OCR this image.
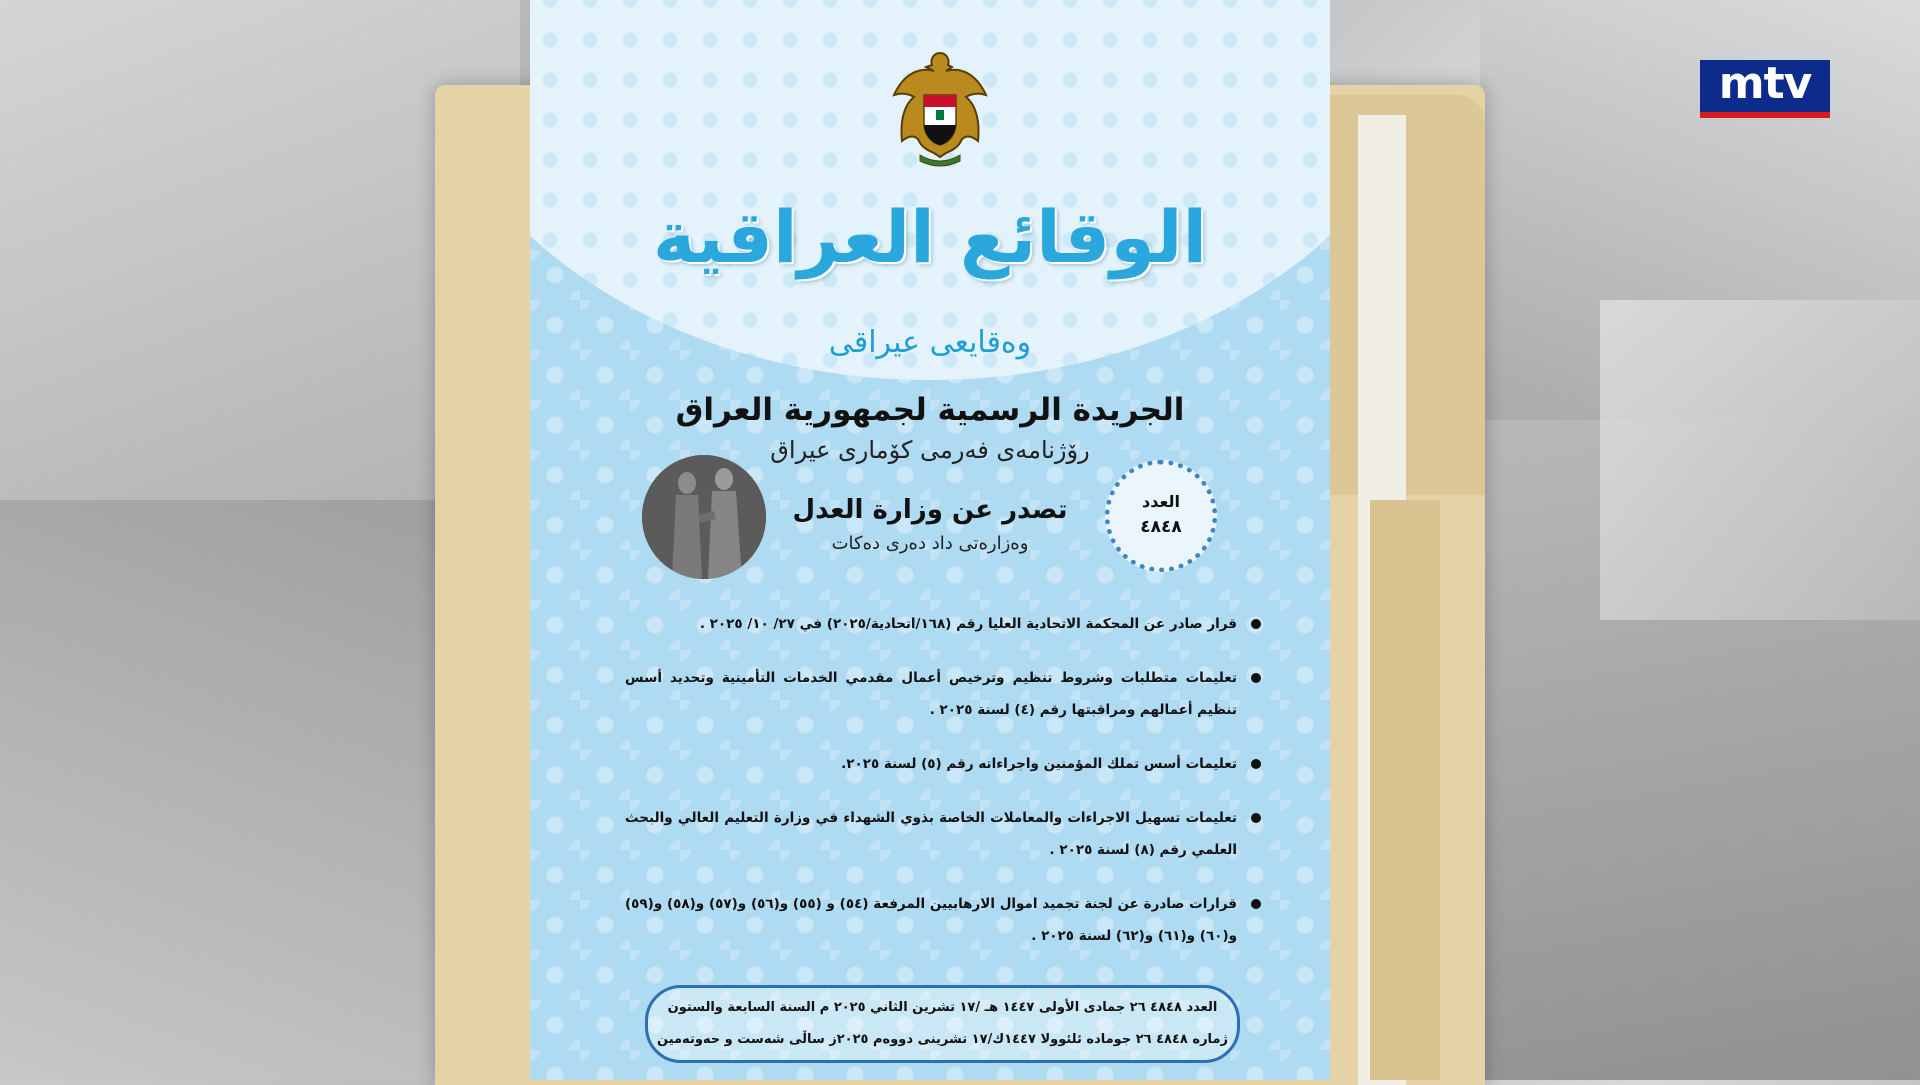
الوقائع العراقية
وەقایعی عیراقی
الجريدة الرسمية لجمهورية العراق
رۆژنامەی فەرمی کۆماری عیراق
تصدر عن وزارة العدل
وەزارەتی داد دەری دەکات
العدد
٤٨٤٨
قرار صادر عن المحكمة الاتحادية العليا رقم (١٦٨/اتحادية/٢٠٢٥) في ٢٧/ ١٠/ ٢٠٢٥ .
تعليمات متطلبات وشروط تنظيم وترخيص أعمال مقدمي الخدمات التأمينية وتحديد أسس تنظيم أعمالهم ومراقبتها رقم (٤) لسنة ٢٠٢٥ .
تعليمات أسس تملك المؤمنين واجراءاته رقم (٥) لسنة ٢٠٢٥.
تعليمات تسهيل الاجراءات والمعاملات الخاصة بذوي الشهداء في وزارة التعليم العالي والبحث العلمي رقم (٨) لسنة ٢٠٢٥ .
قرارات صادرة عن لجنة تجميد اموال الارهابيين المرفعة (٥٤) و (٥٥) و(٥٦) و(٥٧) و(٥٨) و(٥٩) و(٦٠) و(٦١) و(٦٢) لسنة ٢٠٢٥ .
العدد ٤٨٤٨ ٢٦ جمادى الأولى ١٤٤٧ هـ /١٧ تشرين الثاني ٢٠٢٥ م السنة السابعة والستون
ژمارە ٤٨٤٨ ٢٦ جومادە ئلئوولا ١٤٤٧ك/١٧ تشرینی دووەم ٢٠٢٥ز ساڵی شەست و حەوتەمین
mtv
